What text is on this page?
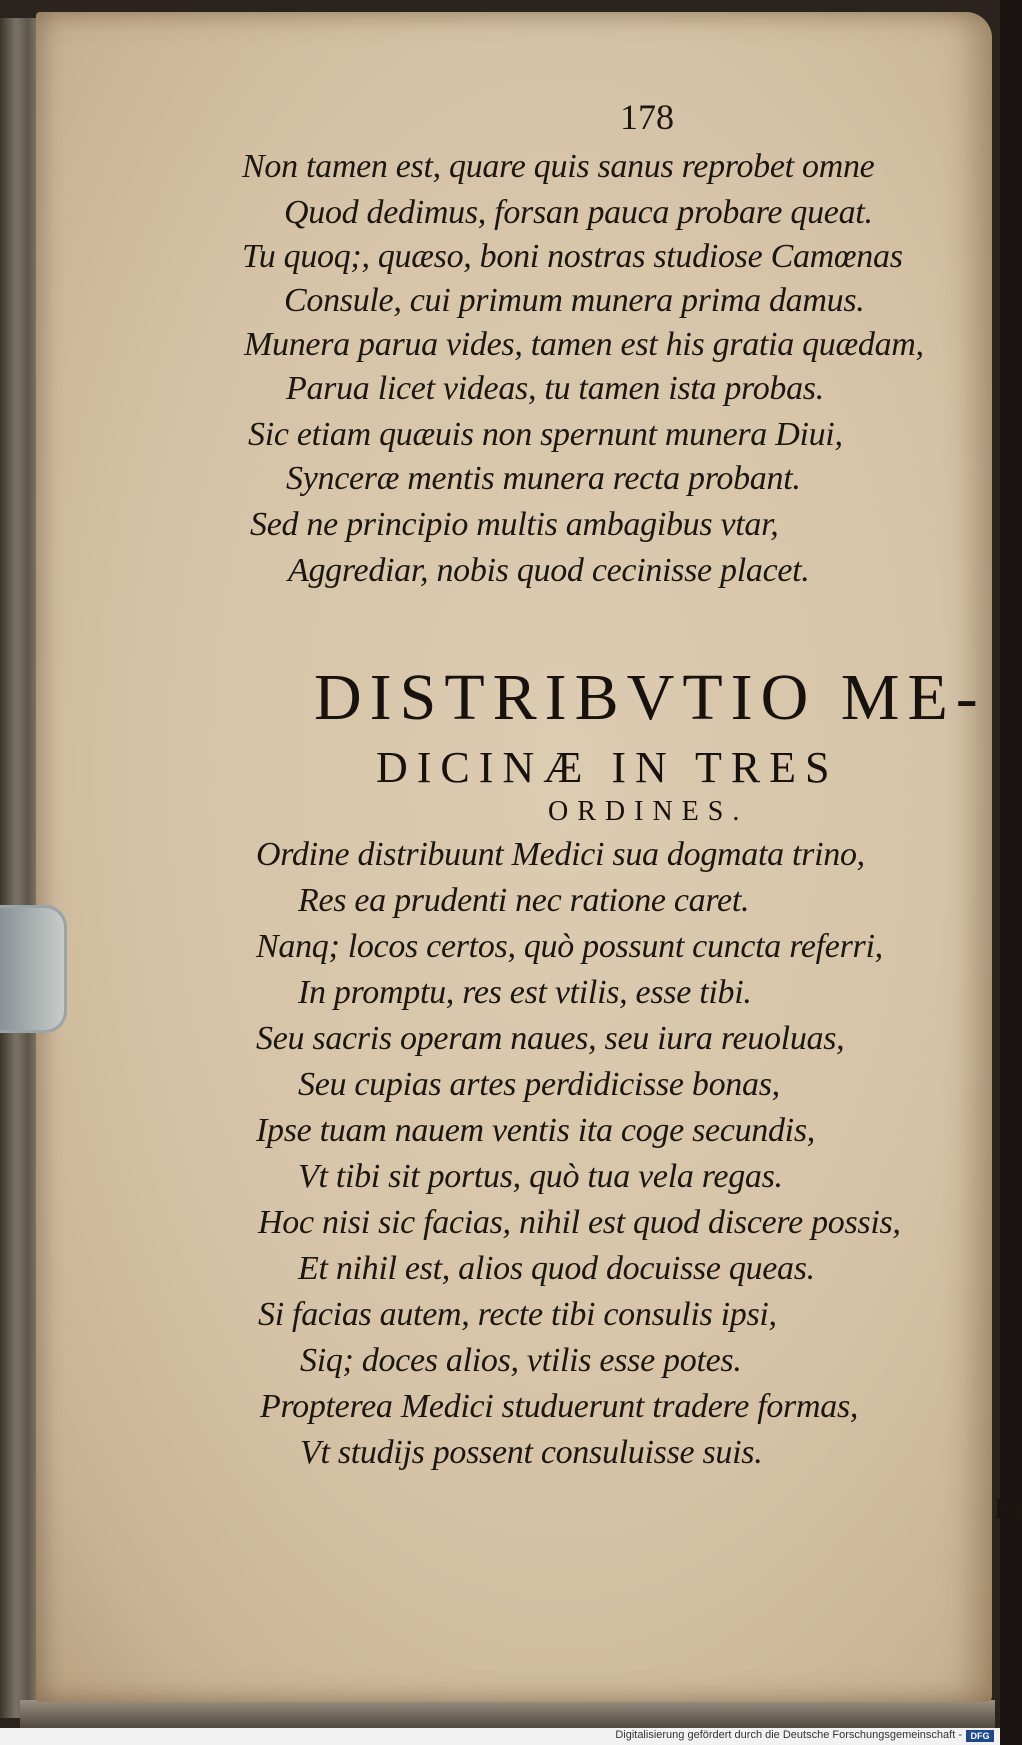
178
Non tamen est, quare quis sanus reprobet omne
Quod dedimus, forsan pauca probare queat.
Tu quoq;, quæso, boni nostras studiose Camœnas
Consule, cui primum munera prima damus.
Munera parua vides, tamen est his gratia quædam,
Parua licet videas, tu tamen ista probas.
Sic etiam quæuis non spernunt munera Diui,
Synceræ mentis munera recta probant.
Sed ne principio multis ambagibus vtar,
Aggrediar, nobis quod cecinisse placet.
DISTRIBVTIO ME-
DICINÆ IN TRES
ORDINES.
Ordine distribuunt Medici sua dogmata trino,
Res ea prudenti nec ratione caret.
Nanq; locos certos, quò possunt cuncta referri,
In promptu, res est vtilis, esse tibi.
Seu sacris operam naues, seu iura reuoluas,
Seu cupias artes perdidicisse bonas,
Ipse tuam nauem ventis ita coge secundis,
Vt tibi sit portus, quò tua vela regas.
Hoc nisi sic facias, nihil est quod discere possis,
Et nihil est, alios quod docuisse queas.
Si facias autem, recte tibi consulis ipsi,
Siq; doces alios, vtilis esse potes.
Propterea Medici studuerunt tradere formas,
Vt studijs possent consuluisse suis.
Ft
Digitalisierung gefördert durch die Deutsche Forschungsgemeinschaft - DFG
